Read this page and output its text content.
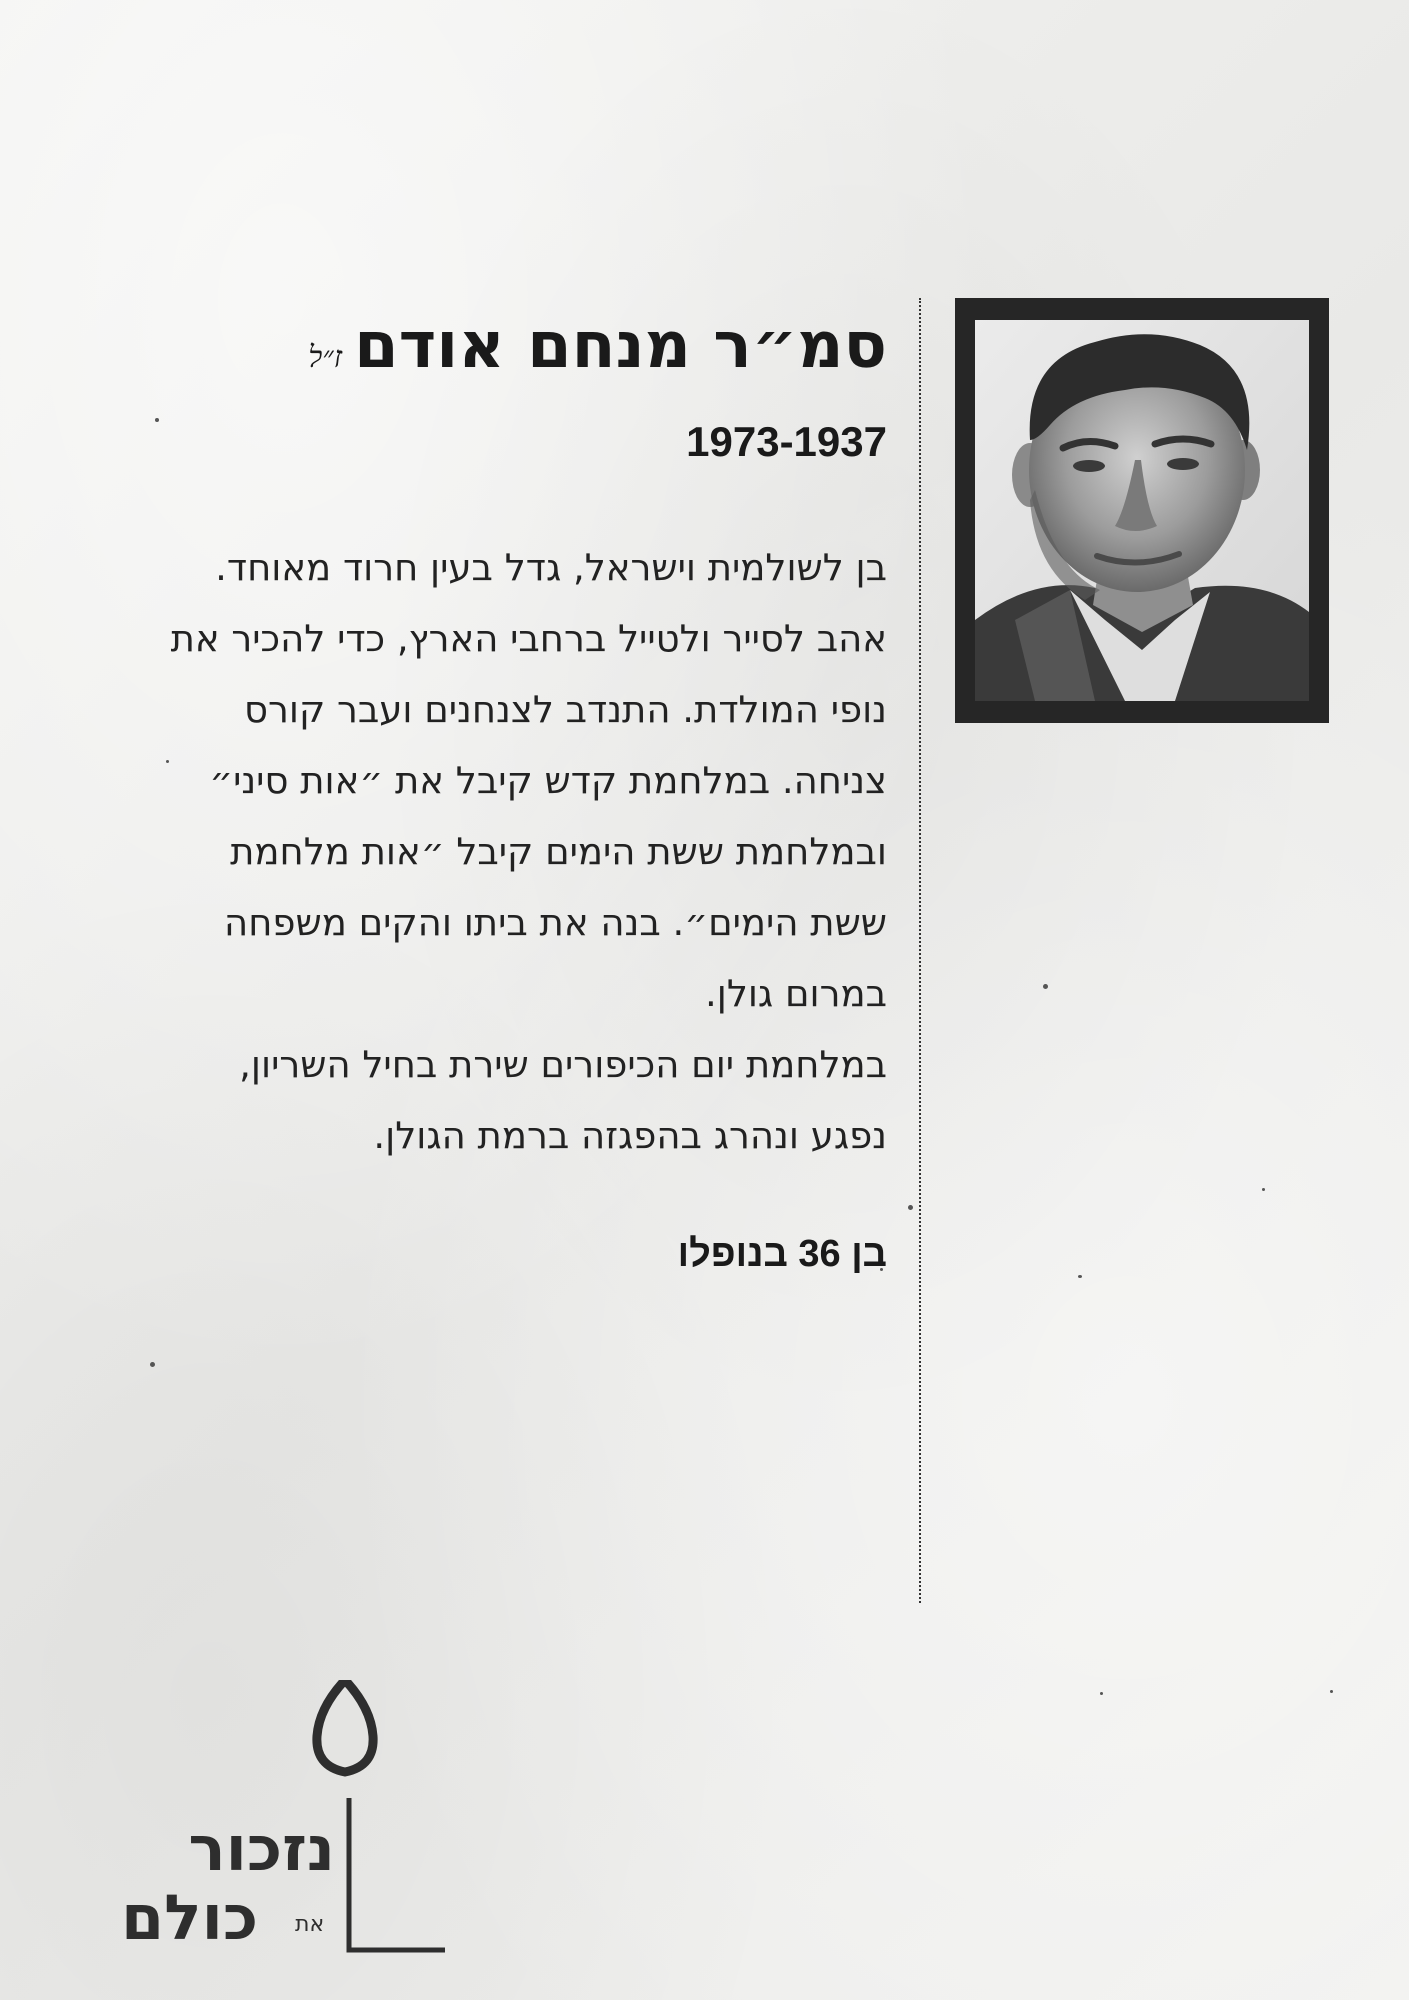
סמ״ר מנחם אודםז״ל
1973-1937

בן לשולמית וישראל, גדל בעין חרוד מאוחד.

אהב לסייר ולטייל ברחבי הארץ, כדי להכיר את נופי המולדת. התנדב לצנחנים ועבר קורס צניחה. במלחמת קדש קיבל את ״אות סיני״ ובמלחמת ששת הימים קיבל ״אות מלחמת ששת הימים״. בנה את ביתו והקים משפחה במרום גולן.

במלחמת יום הכיפורים שירת בחיל השריון, נפגע ונהרג בהפגזה ברמת הגולן.

בן 36 בנופלו
נזכור
את
כולם
